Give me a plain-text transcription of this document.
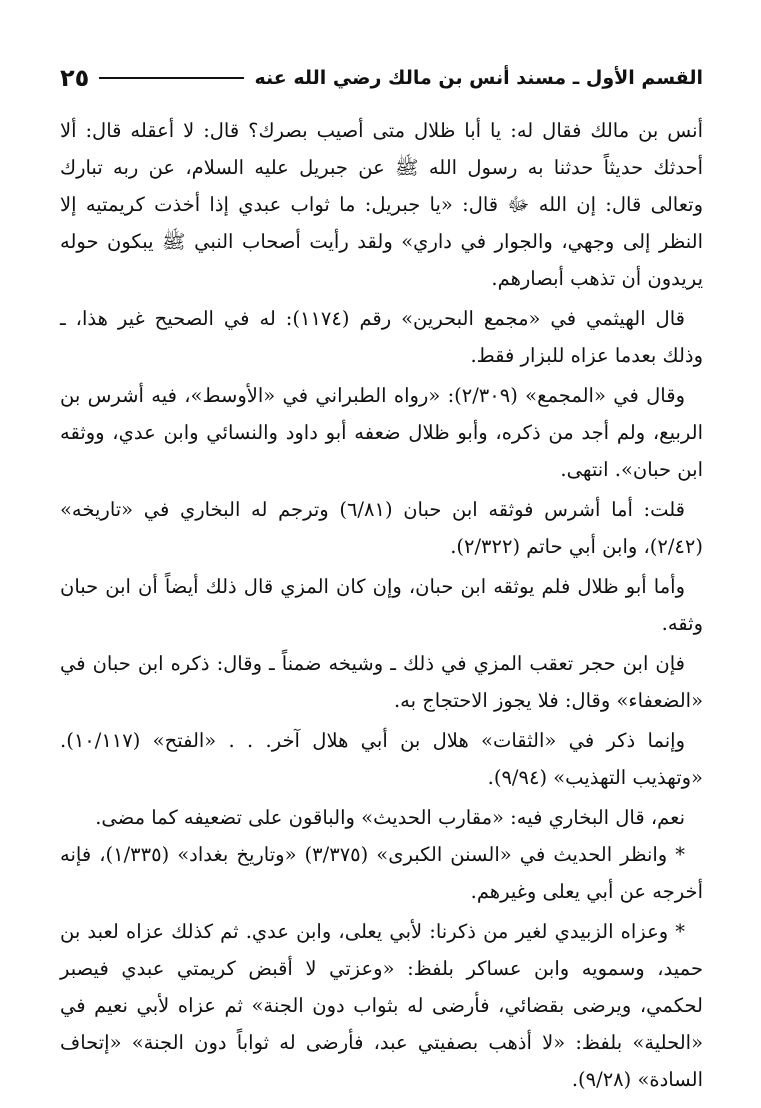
القسم الأول ـ مسند أنس بن مالك رضي الله عنه
٢٥

أنس بن مالك فقال له: يا أبا ظلال متى أصيب بصرك؟ قال: لا أعقله قال: ألا أحدثك حديثاً حدثنا به رسول الله ﷺ عن جبريل عليه السلام، عن ربه تبارك وتعالى قال: إن الله ﷻ قال: «يا جبريل: ما ثواب عبدي إذا أخذت كريمتيه إلا النظر إلى وجهي، والجوار في داري» ولقد رأيت أصحاب النبي ﷺ يبكون حوله يريدون أن تذهب أبصارهم.

قال الهيثمي في «مجمع البحرين» رقم (١١٧٤): له في الصحيح غير هذا، ـ وذلك بعدما عزاه للبزار فقط.

وقال في «المجمع» (٢/٣٠٩): «رواه الطبراني في «الأوسط»، فيه أشرس بن الربيع، ولم أجد من ذكره، وأبو ظلال ضعفه أبو داود والنسائي وابن عدي، ووثقه ابن حبان». انتهى.

قلت: أما أشرس فوثقه ابن حبان (٦/٨١) وترجم له البخاري في «تاريخه» (٢/٤٢)، وابن أبي حاتم (٢/٣٢٢).

وأما أبو ظلال فلم يوثقه ابن حبان، وإن كان المزي قال ذلك أيضاً أن ابن حبان وثقه.

فإن ابن حجر تعقب المزي في ذلك ـ وشيخه ضمناً ـ وقال: ذكره ابن حبان في «الضعفاء» وقال: فلا يجوز الاحتجاج به.

وإنما ذكر في «الثقات» هلال بن أبي هلال آخر. . . «الفتح» (١٠/١١٧). «وتهذيب التهذيب» (٩/٩٤).

نعم، قال البخاري فيه: «مقارب الحديث» والباقون على تضعيفه كما مضى.

* وانظر الحديث في «السنن الكبرى» (٣/٣٧٥) «وتاريخ بغداد» (١/٣٣٥)، فإنه أخرجه عن أبي يعلى وغيرهم.

* وعزاه الزبيدي لغير من ذكرنا: لأبي يعلى، وابن عدي. ثم كذلك عزاه لعبد بن حميد، وسمويه وابن عساكر بلفظ: «وعزتي لا أقبض كريمتي عبدي فيصبر لحكمي، ويرضى بقضائي، فأرضى له بثواب دون الجنة» ثم عزاه لأبي نعيم في «الحلية» بلفظ: «لا أذهب بصفيتي عبد، فأرضى له ثواباً دون الجنة» «إتحاف السادة» (٩/٢٨).
